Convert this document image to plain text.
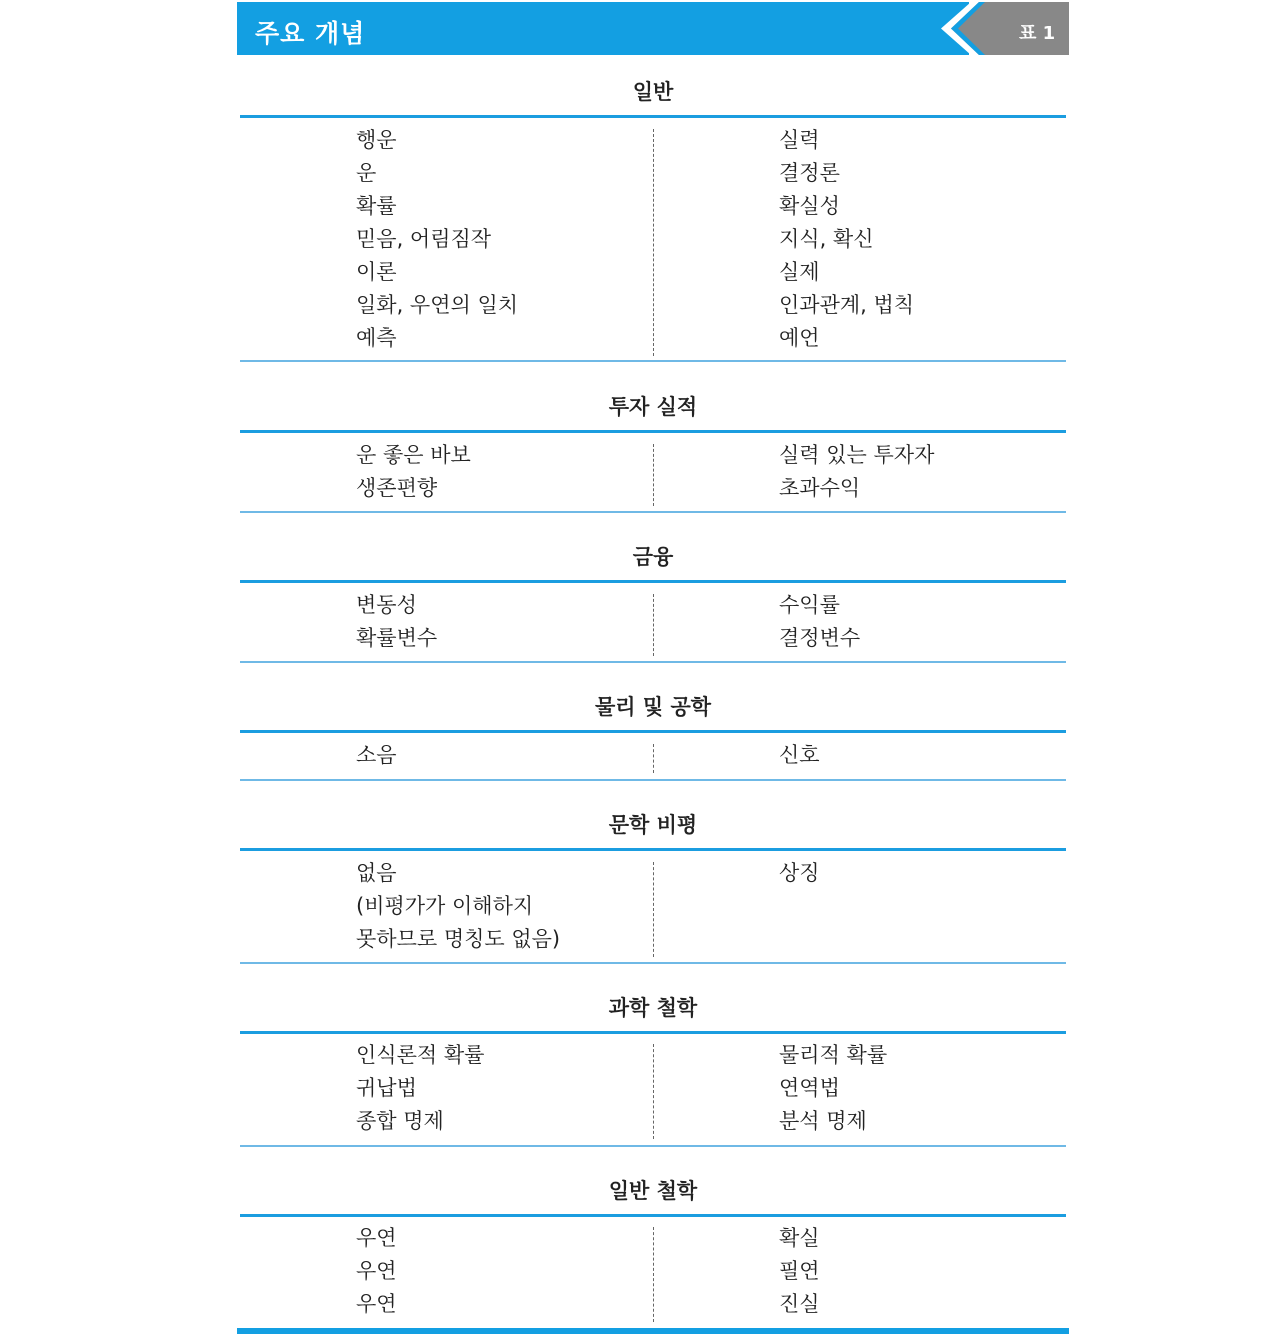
주요 개념	표 1
일반
행운
운
확률
믿음, 어림짐작
이론
일화, 우연의 일치
예측
실력
결정론
확실성
지식, 확신
실제
인과관계, 법칙
예언
투자 실적
운 좋은 바보
생존편향
실력 있는 투자자
초과수익
금융
변동성
확률변수
수익률
결정변수
물리 및 공학
소음	신호
문학 비평
없음
(비평가가 이해하지
못하므로 명칭도 없음)
상징
과학 철학
인식론적 확률
귀납법
종합 명제
물리적 확률
연역법
분석 명제
일반 철학
우연
우연
우연
확실
필연
진실
